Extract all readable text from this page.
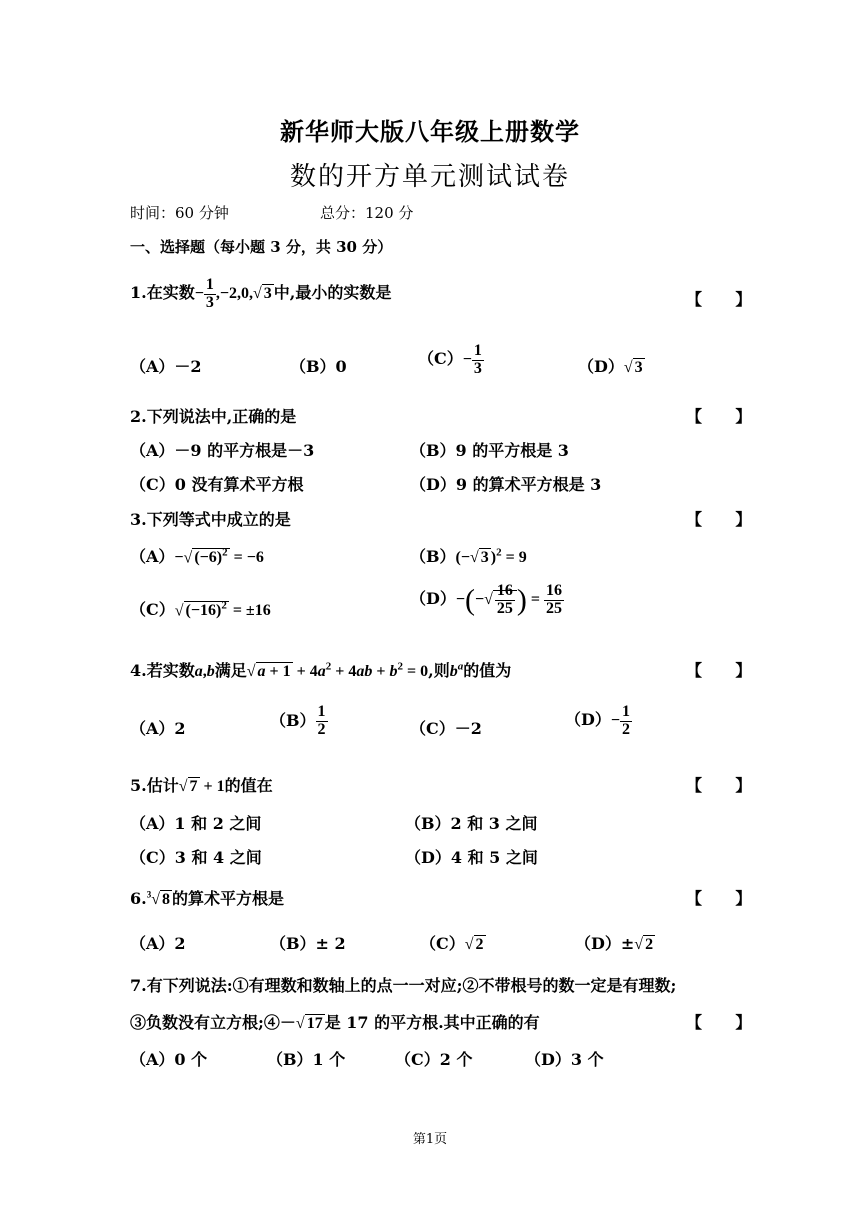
新华师大版八年级上册数学
数的开方单元测试试卷
时间：60 分钟	总分：120 分
一、选择题（每小题 3 分，共 30 分）
1.在实数− $\frac{1}{3} ,-2,0,√$ 3 中,最小的实数是	【      】
（A）－2	（B）0	$(C)- \frac{1}{3}$	（D）√ 3
2.下列说法中,正确的是	【      】
（A）－9 的平方根是－3	（B）9 的平方根是 3
（C）0 没有算术平方根	（D）9 的算术平方根是 3
3.下列等式中成立的是	【      】
（A）−√ $(-6)^2 = -6$	（B）(−√ 3 )$^2$ = 9
（C）√ $(-16)^2 = \pm 16$
$(D)-(-√ \frac{16}{25}$ ) = $\frac{16}{25}$
4.若实数a,b满足√ $a + 1 + 4a^2 + 4ab + b^2 = 0$,则$b^a$的值为	【      】
（A）2	$(B) \frac{1}{2}$	（C）－2	$(D)- \frac{1}{2}$
5.估计√ 7 + 1的值在	【      】
（A）1 和 2 之间	（B）2 和 3 之间
（C）3 和 4 之间	（D）4 和 5 之间
6.$^3$√ 8 的算术平方根是	【      】
（A）2	（B）± 2	（C）√ 2	（D）±√ 2
7.有下列说法:①有理数和数轴上的点一一对应;②不带根号的数一定是有理数;
③负数没有立方根;④－√ 17 是 17 的平方根.其中正确的有	【      】
（A）0 个	（B）1 个	（C）2 个	（D）3 个
第1页
